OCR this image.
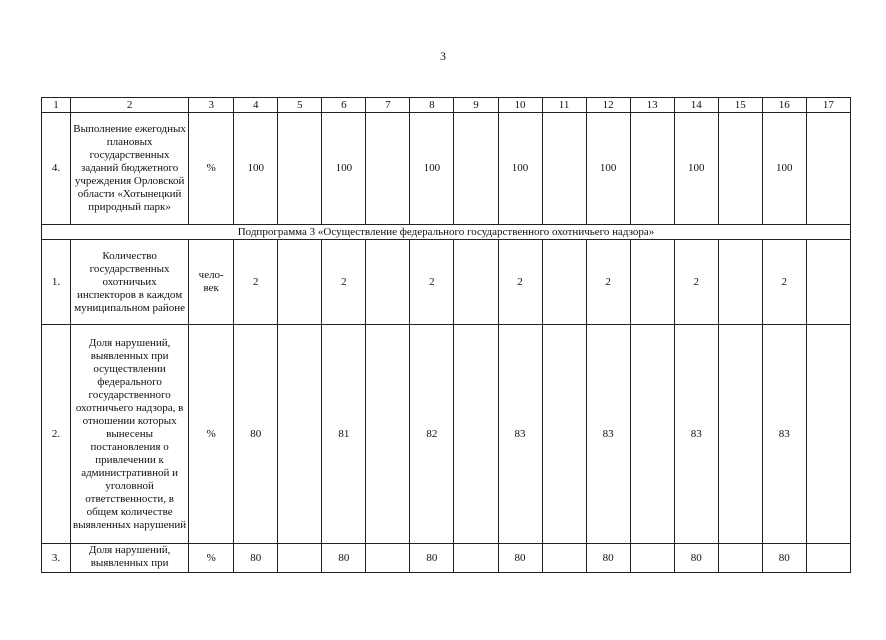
3
1	2	3	4	5	6	7	8	9	10	11	12	13	14	15	16	17
4.	Выполнение ежегодных плановых государственных заданий бюджетного учреждения Орловской области «Хотынецкий природный парк»	%	100		100		100		100		100		100		100	
Подпрограмма 3 «Осуществление федерального государственного охотничьего надзора»																
1.	Количество государственных охотничьих инспекторов в каждом муниципальном районе	чело-век	2		2		2		2		2		2		2	
2.	Доля нарушений, выявленных при осуществлении федерального государственного охотничьего надзора, в отношении которых вынесены постановления о привлечении к административной и уголовной ответственности, в общем количестве выявленных нарушений	%	80		81		82		83		83		83		83	
3.	Доля нарушений, выявленных при	%	80		80		80		80		80		80		80	
